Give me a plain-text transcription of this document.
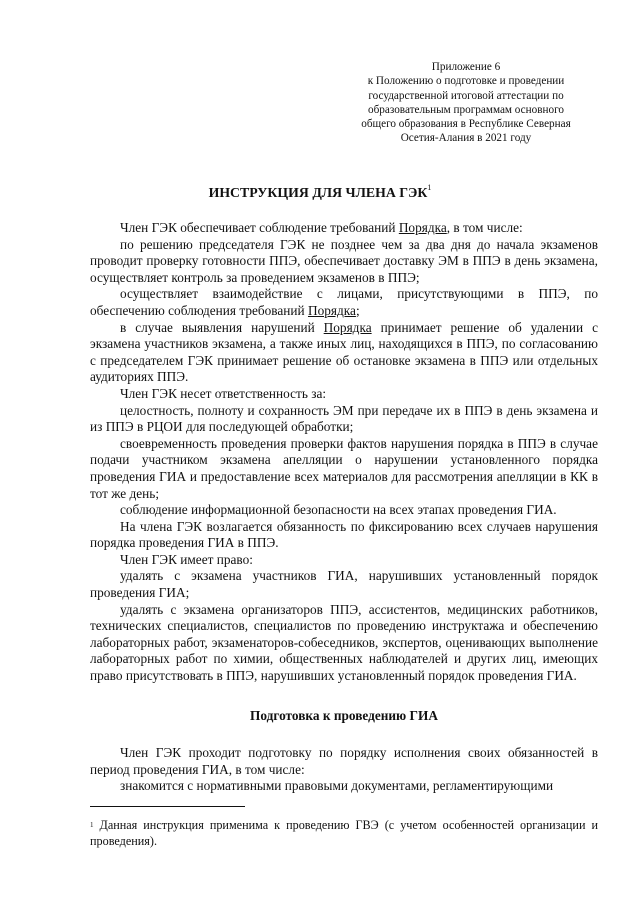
Приложение 6
к Положению о подготовке и проведении
государственной итоговой аттестации по
образовательным программам основного
общего образования в Республике Северная
Осетия-Алания в 2021 году
ИНСТРУКЦИЯ ДЛЯ ЧЛЕНА ГЭК$^1$

Член ГЭК обеспечивает соблюдение требований Порядка, в том числе:

по решению председателя ГЭК не позднее чем за два дня до начала экзаменов проводит проверку готовности ППЭ, обеспечивает доставку ЭМ в ППЭ в день экзамена, осуществляет контроль за проведением экзаменов в ППЭ;

осуществляет взаимодействие с лицами, присутствующими в ППЭ, по обеспечению соблюдения требований Порядка;

в случае выявления нарушений Порядка принимает решение об удалении с экзамена участников экзамена, а также иных лиц, находящихся в ППЭ, по согласованию с председателем ГЭК принимает решение об остановке экзамена в ППЭ или отдельных аудиториях ППЭ.

Член ГЭК несет ответственность за:

целостность, полноту и сохранность ЭМ при передаче их в ППЭ в день экзамена и из ППЭ в РЦОИ для последующей обработки;

своевременность проведения проверки фактов нарушения порядка в ППЭ в случае подачи участником экзамена апелляции о нарушении установленного порядка проведения ГИА и предоставление всех материалов для рассмотрения апелляции в КК в тот же день;

соблюдение информационной безопасности на всех этапах проведения ГИА.

На члена ГЭК возлагается обязанность по фиксированию всех случаев нарушения порядка проведения ГИА в ППЭ.

Член ГЭК имеет право:

удалять с экзамена участников ГИА, нарушивших установленный порядок проведения ГИА;

удалять с экзамена организаторов ППЭ, ассистентов, медицинских работников, технических специалистов, специалистов по проведению инструктажа и обеспечению лабораторных работ, экзаменаторов-собеседников, экспертов, оценивающих выполнение лабораторных работ по химии, общественных наблюдателей и других лиц, имеющих право присутствовать в ППЭ, нарушивших установленный порядок проведения ГИА.

Подготовка к проведению ГИА

Член ГЭК проходит подготовку по порядку исполнения своих обязанностей в период проведения ГИА, в том числе:

знакомится с нормативными правовыми документами, регламентирующими

$^1$ Данная инструкция применима к проведению ГВЭ (с учетом особенностей организации и проведения).
